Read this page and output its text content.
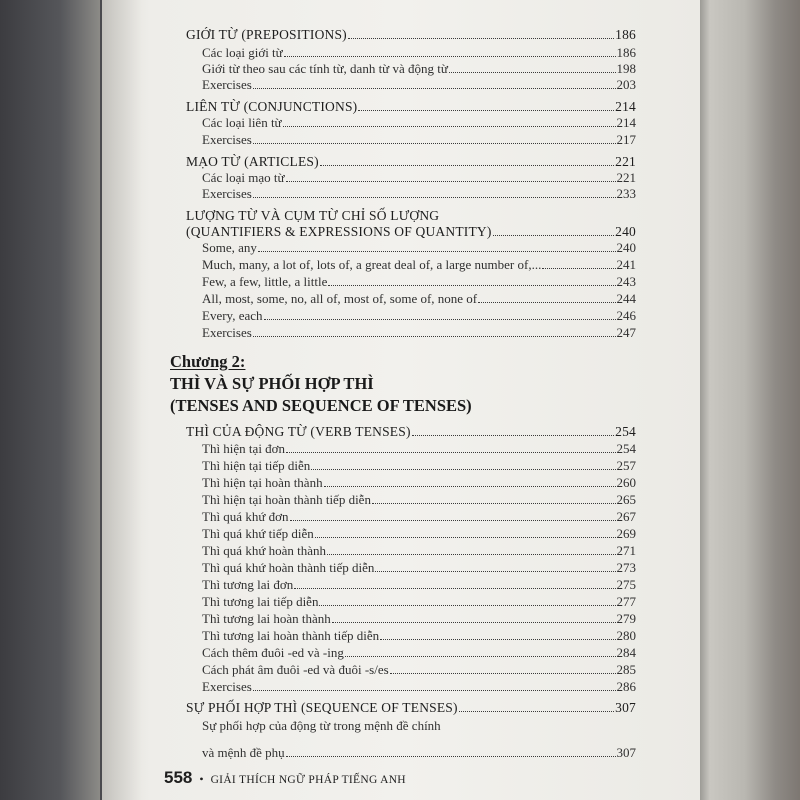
GIỚI TỪ (PREPOSITIONS)	186
Các loại giới từ	186
Giới từ theo sau các tính từ, danh từ và động từ	198
Exercises	203
LIÊN TỪ (CONJUNCTIONS)	214
Các loại liên từ	214
Exercises	217
MẠO TỪ (ARTICLES)	221
Các loại mạo từ	221
Exercises	233
LƯỢNG TỪ VÀ CỤM TỪ CHỈ SỐ LƯỢNG
(QUANTIFIERS & EXPRESSIONS OF QUANTITY)	240
Some, any	240
Much, many, a lot of, lots of, a great deal of, a large number of,...	241
Few, a few, little, a little	243
All, most, some, no, all of, most of, some of, none of	244
Every, each	246
Exercises	247
THÌ CỦA ĐỘNG TỪ (VERB TENSES)	254
Thì hiện tại đơn	254
Thì hiện tại tiếp diễn	257
Thì hiện tại hoàn thành	260
Thì hiện tại hoàn thành tiếp diễn	265
Thì quá khứ đơn	267
Thì quá khứ tiếp diễn	269
Thì quá khứ hoàn thành	271
Thì quá khứ hoàn thành tiếp diễn	273
Thì tương lai đơn	275
Thì tương lai tiếp diễn	277
Thì tương lai hoàn thành	279
Thì tương lai hoàn thành tiếp diễn	280
Cách thêm đuôi -ed và -ing	284
Cách phát âm đuôi -ed và đuôi -s/es	285
Exercises	286
SỰ PHỐI HỢP THÌ (SEQUENCE OF TENSES)	307
Sự phối hợp của động từ trong mệnh đề chính
và mệnh đề phụ	307
Chương 2:
THÌ VÀ SỰ PHỐI HỢP THÌ
(TENSES AND SEQUENCE OF TENSES)
558 • GIẢI THÍCH NGỮ PHÁP TIẾNG ANH
